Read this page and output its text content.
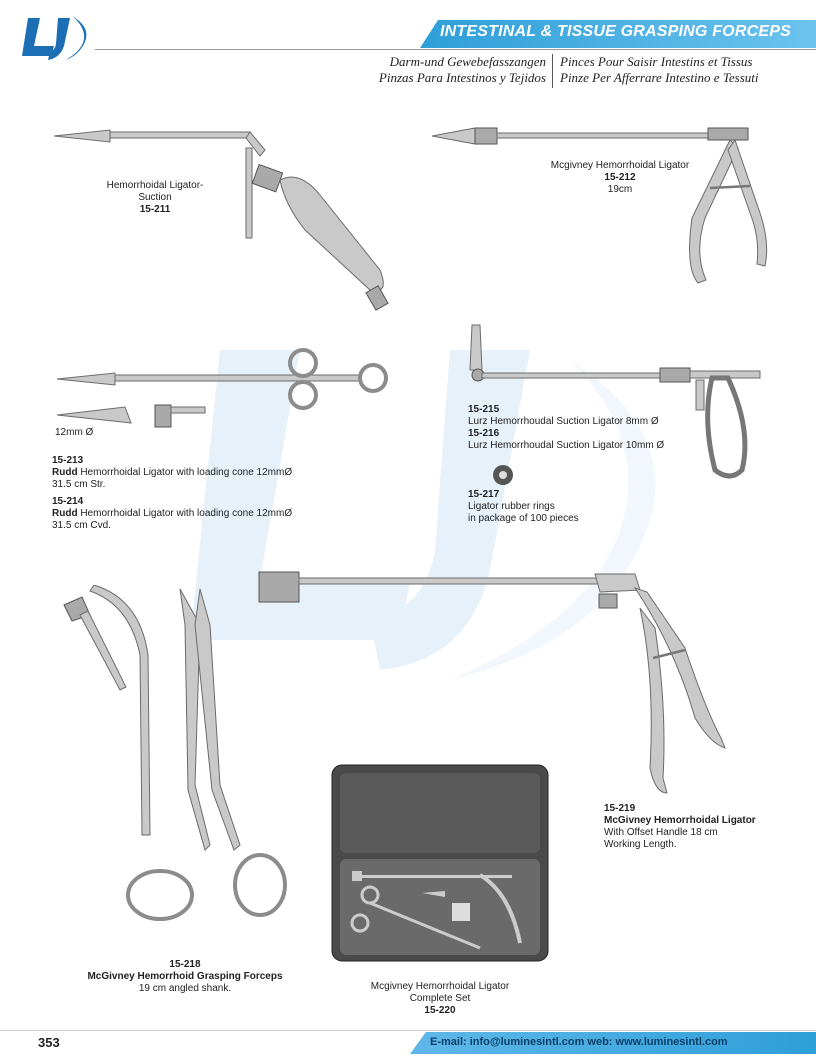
INTESTINAL & TISSUE GRASPING FORCEPS
Darm-und Gewebefasszangen Pinces Pour Saisir Intestins et Tissus
Pinzas Para Intestinos y Tejidos Pinze Per Afferrare Intestino e Tessuti
Hemorrhoidal Ligator-Suction
15-211
Mcgivney Hemorrhoidal Ligator
15-212
19cm
12mm Ø
15-213
Rudd Hemorrhoidal Ligator with loading cone 12mmØ
31.5 cm Str.
15-214
Rudd Hemorrhoidal Ligator with loading cone 12mmØ
31.5 cm Cvd.
15-215
Lurz Hemorrhoudal Suction Ligator 8mm Ø
15-216
Lurz Hemorrhoudal Suction Ligator 10mm Ø
15-217
Ligator rubber rings
in package of 100 pieces
15-219
McGivney Hemorrhoidal Ligator
With Offset Handle 18 cm
Working Length.
15-218
McGivney Hemorrhoid Grasping Forceps
19 cm angled shank.	Mcgivney Hemorrhoidal Ligator
Complete Set
15-220
353	E-mail: info@luminesintl.com web: www.luminesintl.com
